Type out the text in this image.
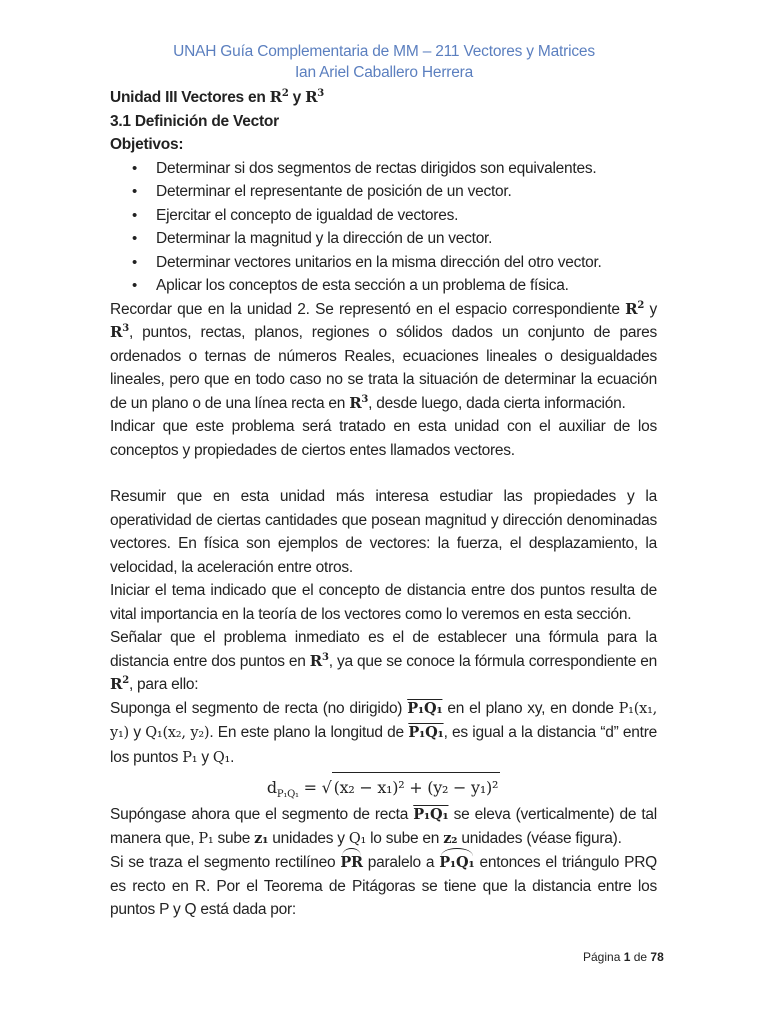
UNAH Guía Complementaria de MM – 211 Vectores y Matrices
Ian Ariel Caballero Herrera
Unidad III Vectores en $R^2$ y $R^3$
3.1 Definición de Vector
Objetivos:
• Determinar si dos segmentos de rectas dirigidos son equivalentes.
• Determinar el representante de posición de un vector.
• Ejercitar el concepto de igualdad de vectores.
• Determinar la magnitud y la dirección de un vector.
• Determinar vectores unitarios en la misma dirección del otro vector.
• Aplicar los conceptos de esta sección a un problema de física.

Recordar que en la unidad 2. Se representó en el espacio correspondiente $R^2$ y $R^3$, puntos, rectas, planos, regiones o sólidos dados un conjunto de pares ordenados o ternas de números Reales, ecuaciones lineales o desigualdades lineales, pero que en todo caso no se trata la situación de determinar la ecuación de un plano o de una línea recta en $R^3$, desde luego, dada cierta información.

Indicar que este problema será tratado en esta unidad con el auxiliar de los conceptos y propiedades de ciertos entes llamados vectores.

Resumir que en esta unidad más interesa estudiar las propiedades y la operatividad de ciertas cantidades que posean magnitud y dirección denominadas vectores. En física son ejemplos de vectores: la fuerza, el desplazamiento, la velocidad, la aceleración entre otros.

Iniciar el tema indicado que el concepto de distancia entre dos puntos resulta de vital importancia en la teoría de los vectores como lo veremos en esta sección.

Señalar que el problema inmediato es el de establecer una fórmula para la distancia entre dos puntos en $R^3$, ya que se conoce la fórmula correspondiente en $R^2$, para ello:

Suponga el segmento de recta (no dirigido) P₁Q₁ en el plano xy, en donde P₁(x₁, y₁) y Q₁(x₂, y₂). En este plano la longitud de P₁Q₁, es igual a la distancia “d” entre los puntos P₁ y Q₁.

$d_{P_1Q_1}$ = √ (x₂ − x₁)² + (y₂ − y₁)²

Supóngase ahora que el segmento de recta P₁Q₁ se eleva (verticalmente) de tal manera que, P₁ sube z₁ unidades y Q₁ lo sube en z₂ unidades (véase figura).

Si se traza el segmento rectilíneo PR paralelo a P₁Q₁ entonces el triángulo PRQ es recto en R. Por el Teorema de Pitágoras se tiene que la distancia entre los puntos P y Q está dada por:

Página 1 de 78
